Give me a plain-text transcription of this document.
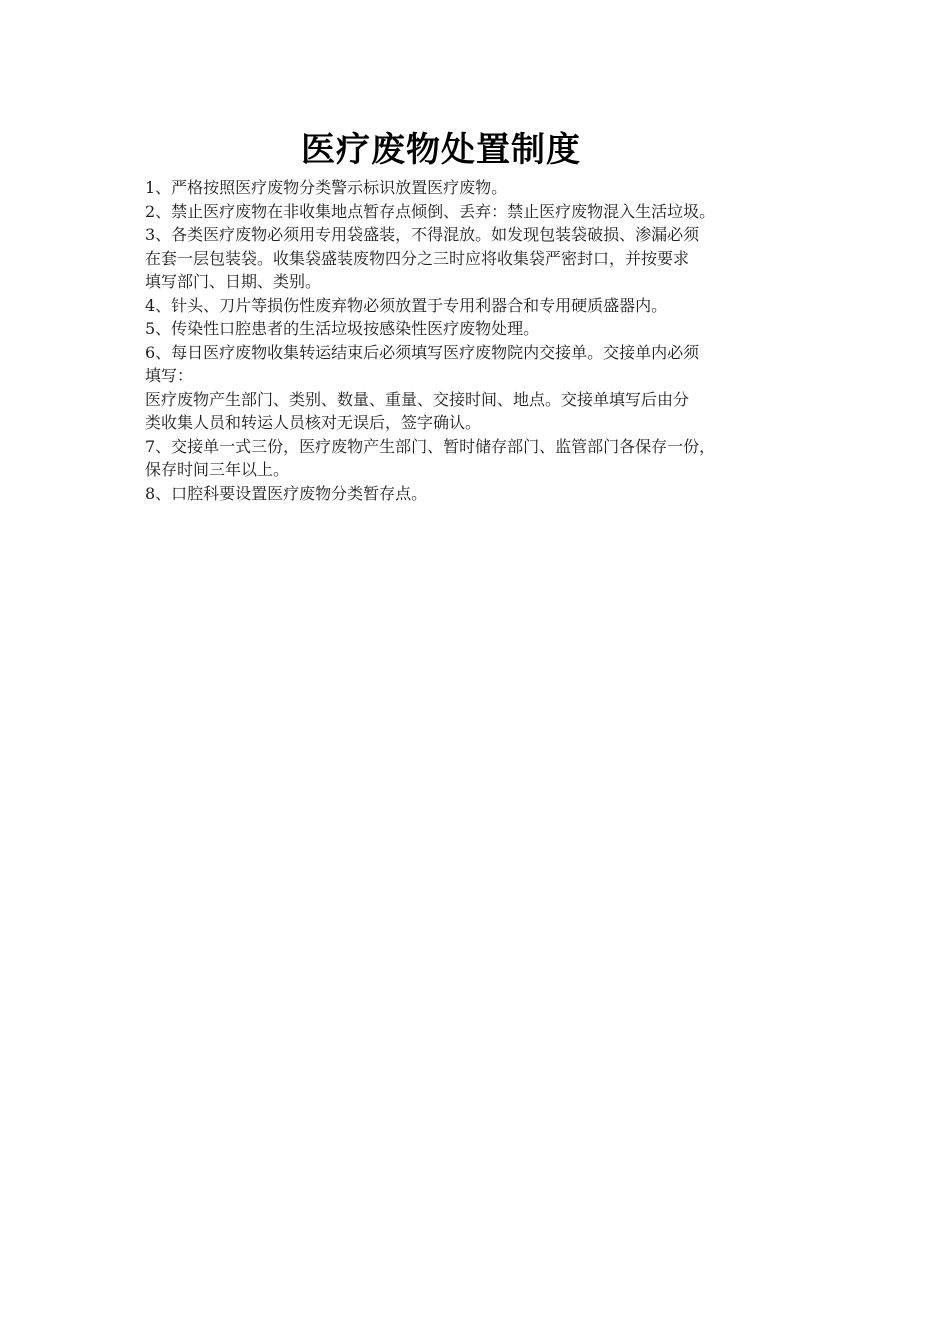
医疗废物处置制度
1、严格按照医疗废物分类警示标识放置医疗废物。
2、禁止医疗废物在非收集地点暂存点倾倒、丢弃：禁止医疗废物混入生活垃圾。
3、各类医疗废物必须用专用袋盛装，不得混放。如发现包装袋破损、渗漏必须
在套一层包装袋。收集袋盛装废物四分之三时应将收集袋严密封口，并按要求
填写部门、日期、类别。
4、针头、刀片等损伤性废弃物必须放置于专用利器合和专用硬质盛器内。
5、传染性口腔患者的生活垃圾按感染性医疗废物处理。
6、每日医疗废物收集转运结束后必须填写医疗废物院内交接单。交接单内必须
填写：
医疗废物产生部门、类别、数量、重量、交接时间、地点。交接单填写后由分
类收集人员和转运人员核对无误后，签字确认。
7、交接单一式三份，医疗废物产生部门、暂时储存部门、监管部门各保存一份，
保存时间三年以上。
8、口腔科要设置医疗废物分类暂存点。
